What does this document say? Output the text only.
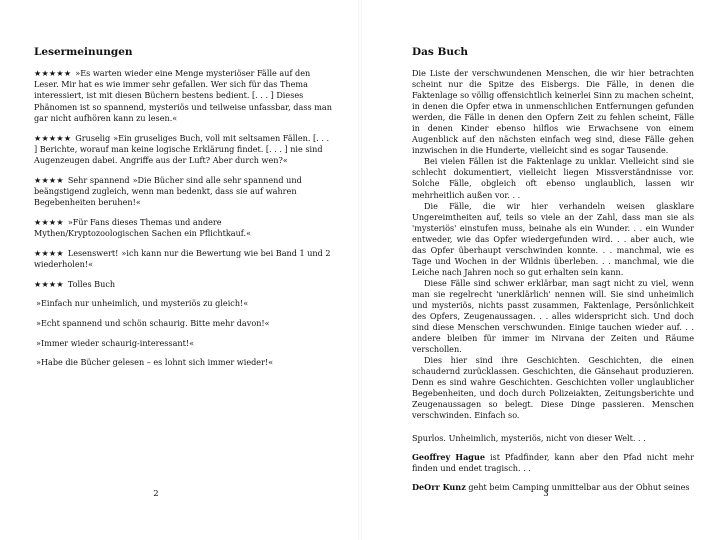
Lesermeinungen
★★★★★ »Es warten wieder eine Menge mysteriöser Fälle auf den Leser. Mir hat es wie immer sehr gefallen. Wer sich für das Thema interessiert, ist mit diesen Büchern bestens bedient. [. . . ] Dieses Phänomen ist so spannend, mysteriös und teilweise unfassbar, dass man gar nicht aufhören kann zu lesen.«
★★★★★ Gruselig »Ein gruseliges Buch, voll mit seltsamen Fällen. [. . . ] Berichte, worauf man keine logische Erklärung findet. [. . . ] nie sind Augenzeugen dabei. Angriffe aus der Luft? Aber durch wen?«
★★★★ Sehr spannend »Die Bücher sind alle sehr spannend und beängstigend zugleich, wenn man bedenkt, dass sie auf wahren Begebenheiten beruhen!«
★★★★ »Für Fans dieses Themas und andere Mythen/Kryptozoologischen Sachen ein Pflichtkauf.«
★★★★ Lesenswert! »ich kann nur die Bewertung wie bei Band 1 und 2 wiederholen!«
★★★★ Tolles Buch
»Einfach nur unheimlich, und mysteriös zu gleich!«
»Echt spannend und schön schaurig. Bitte mehr davon!«
»Immer wieder schaurig-interessant!«
»Habe die Bücher gelesen – es lohnt sich immer wieder!«
2
Das Buch

Die Liste der verschwundenen Menschen, die wir hier betrachten scheint nur die Spitze des Eisbergs. Die Fälle, in denen die Faktenlage so völlig offensichtlich keinerlei Sinn zu machen scheint, in denen die Opfer etwa in unmenschlichen Entfernungen gefunden werden, die Fälle in denen den Opfern Zeit zu fehlen scheint, Fälle in denen Kinder ebenso hilflos wie Erwachsene von einem Augenblick auf den nächsten einfach weg sind, diese Fälle gehen inzwischen in die Hunderte, vielleicht sind es sogar Tausende.

Bei vielen Fällen ist die Faktenlage zu unklar. Vielleicht sind sie schlecht dokumentiert, vielleicht liegen Missverständnisse vor. Solche Fälle, obgleich oft ebenso unglaublich, lassen wir mehrheitlich außen vor. . .

Die Fälle, die wir hier verhandeln weisen glasklare Ungereimtheiten auf, teils so viele an der Zahl, dass man sie als 'mysteriös' einstufen muss, beinahe als ein Wunder. . . ein Wunder entweder, wie das Opfer wiedergefunden wird. . . aber auch, wie das Opfer überhaupt verschwinden konnte. . . manchmal, wie es Tage und Wochen in der Wildnis überleben. . . manchmal, wie die Leiche nach Jahren noch so gut erhalten sein kann.

Diese Fälle sind schwer erklärbar, man sagt nicht zu viel, wenn man sie regelrecht 'unerklärlich' nennen will. Sie sind unheimlich und mysteriös, nichts passt zusammen, Faktenlage, Persönlichkeit des Opfers, Zeugenaussagen. . . alles widerspricht sich. Und doch sind diese Menschen verschwunden. Einige tauchen wieder auf. . . andere bleiben für immer im Nirvana der Zeiten und Räume verschollen.

Dies hier sind ihre Geschichten. Geschichten, die einen schaudernd zurücklassen. Geschichten, die Gänsehaut produzieren. Denn es sind wahre Geschichten. Geschichten voller unglaublicher Begebenheiten, und doch durch Polizeiakten, Zeitungsberichte und Zeugenaussagen so belegt. Diese Dinge passieren. Menschen verschwinden. Einfach so.

Spurlos. Unheimlich, mysteriös, nicht von dieser Welt. . .

Geoffrey Hague ist Pfadfinder, kann aber den Pfad nicht mehr finden und endet tragisch. . .

DeOrr Kunz geht beim Camping unmittelbar aus der Obhut seines

3
